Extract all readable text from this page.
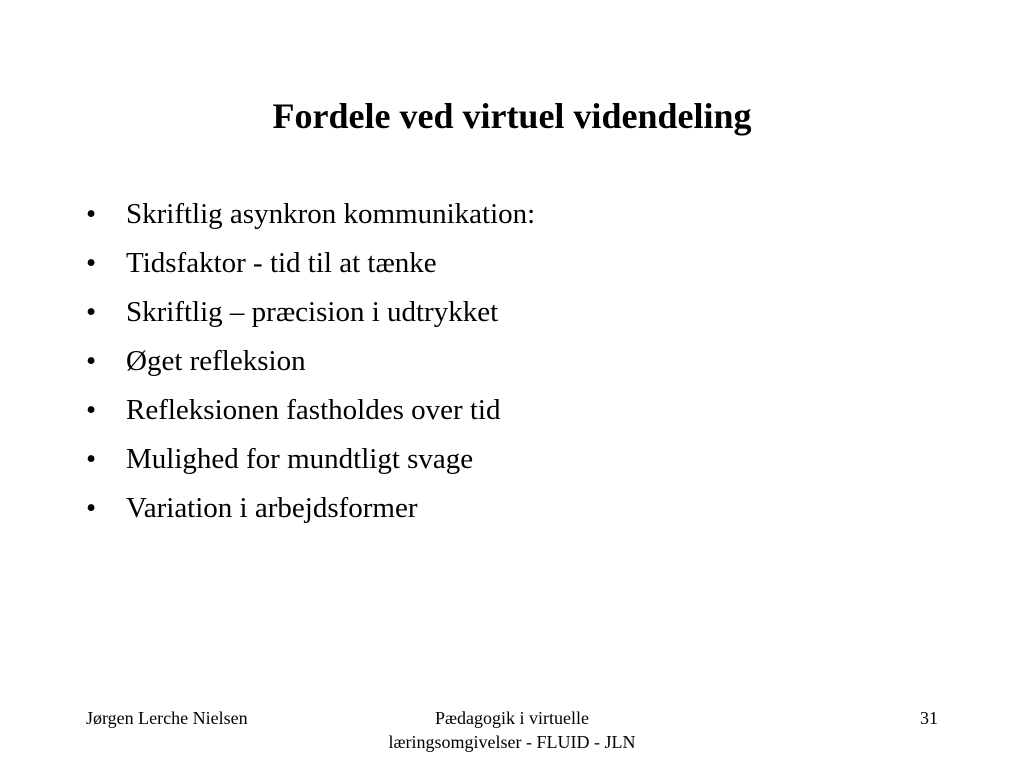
Fordele ved virtuel videndeling
•	Skriftlig asynkron kommunikation:
•	Tidsfaktor - tid til at tænke
•	Skriftlig – præcision i udtrykket
•	Øget refleksion
•	Refleksionen fastholdes over tid
•	Mulighed for mundtligt svage
•	Variation i arbejdsformer
Jørgen Lerche Nielsen	Pædagogik i virtuelle
læringsomgivelser - FLUID - JLN
31
